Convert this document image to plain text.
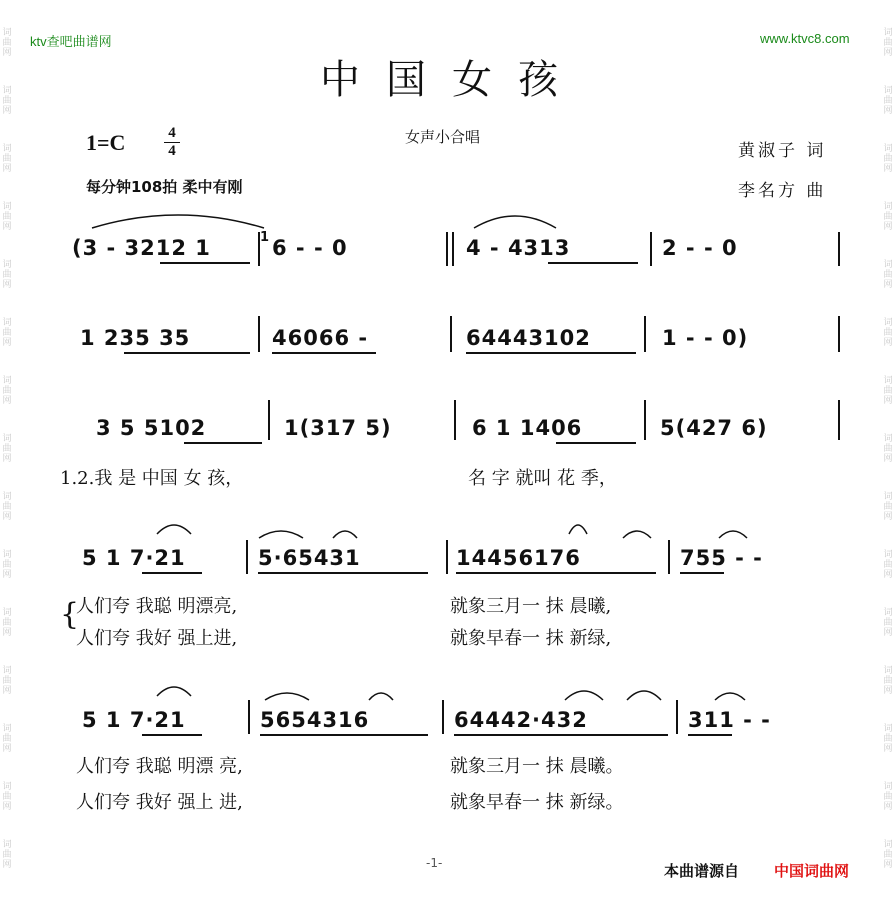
词曲网
词曲网
词曲网
词曲网
词曲网
词曲网
词曲网
词曲网
词曲网
词曲网
词曲网
词曲网
词曲网
词曲网
词曲网
词曲网
词曲网
词曲网
词曲网
词曲网
词曲网
词曲网
词曲网
词曲网
词曲网
词曲网
词曲网
词曲网
词曲网
词曲网
ktv查吧曲谱网	www.ktvc8.com
中国女孩
1=C	4
4
女声小合唱
每分钟108拍 柔中有刚
黄淑子 词
李名方 曲
(3 - 3212 1	1 6 - - 0	4 - 4313	2 - - 0
1 235 35	46066 -	64443102	1 - - 0)
3 5 5102	1(317 5)	6 1 1406	5(427 6)
1.2.我 是 中国 女 孩，	名 字 就叫 花 季，
5 1 7·21	5·65431	14456176	755 - -
{
人们夸 我聪 明漂亮,	就象三月一 抹 晨曦,
人们夸 我好 强上进,	就象早春一 抹 新绿,
5 1 7·21	5654316	64442·432	311 - -
人们夸 我聪 明漂 亮,	就象三月一 抹 晨曦。
人们夸 我好 强上 进,	就象早春一 抹 新绿。
-1-	本曲谱源自 中国词曲网
